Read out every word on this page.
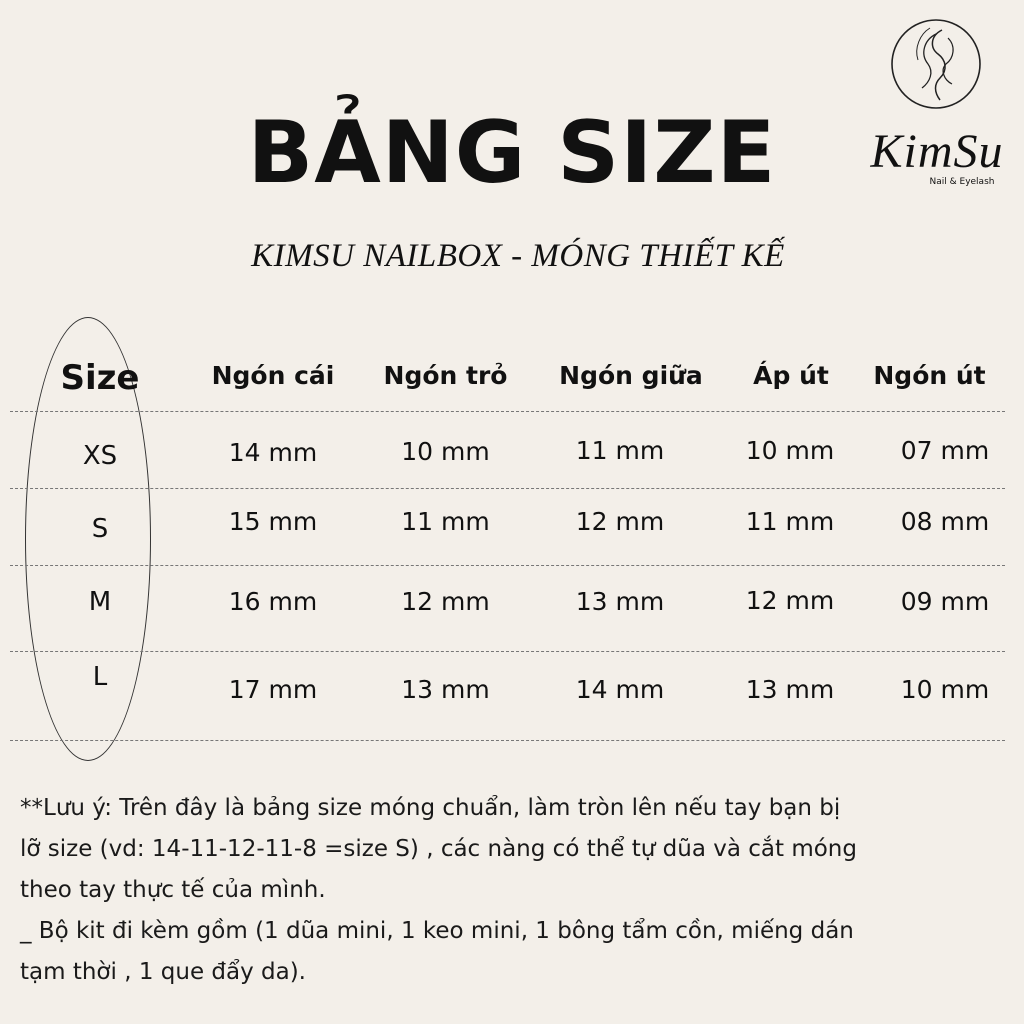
BẢNG SIZE
KIMSU NAILBOX - MÓNG THIẾT KẾ
KimSu
Nail & Eyelash
Size	Ngón cái	Ngón trỏ	Ngón giữa	Áp út	Ngón út
XS	14 mm	10 mm	11 mm	10 mm	07 mm
S	15 mm	11 mm	12 mm	11 mm	08 mm
M	16 mm	12 mm	13 mm	12 mm	09 mm
L	17 mm	13 mm	14 mm	13 mm	10 mm
**Lưu ý: Trên đây là bảng size móng chuẩn, làm tròn lên nếu tay bạn bị
lỡ size (vd: 14-11-12-11-8 =size S) , các nàng có thể tự dũa và cắt móng
theo tay thực tế của mình.
_ Bộ kit đi kèm gồm (1 dũa mini, 1 keo mini, 1 bông tẩm cồn, miếng dán
tạm thời , 1 que đẩy da).
